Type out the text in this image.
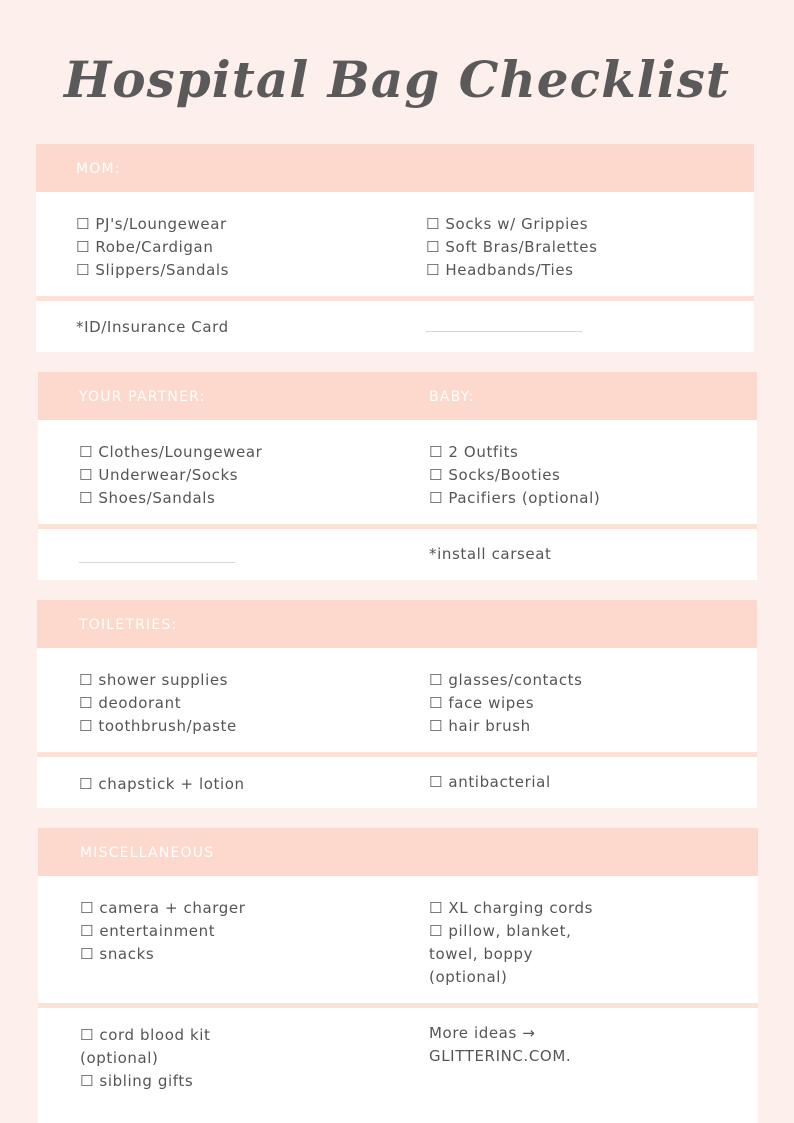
Hospital Bag Checklist
MOM:
☐ PJ's/Loungewear
☐ Robe/Cardigan
☐ Slippers/Sandals
☐ Socks w/ Grippies
☐ Soft Bras/Bralettes
☐ Headbands/Ties
*ID/Insurance Card
YOUR PARTNER:	BABY:
☐ Clothes/Loungewear
☐ Underwear/Socks
☐ Shoes/Sandals
☐ 2 Outfits
☐ Socks/Booties
☐ Pacifiers (optional)
*install carseat
TOILETRIES:
☐ shower supplies
☐ deodorant
☐ toothbrush/paste
☐ glasses/contacts
☐ face wipes
☐ hair brush
☐ chapstick + lotion	☐ antibacterial
MISCELLANEOUS
☐ camera + charger
☐ entertainment
☐ snacks
☐ XL charging cords
☐ pillow, blanket,
towel, boppy
(optional)
☐ cord blood kit
(optional)
☐ sibling gifts
More ideas →
GLITTERINC.COM.
